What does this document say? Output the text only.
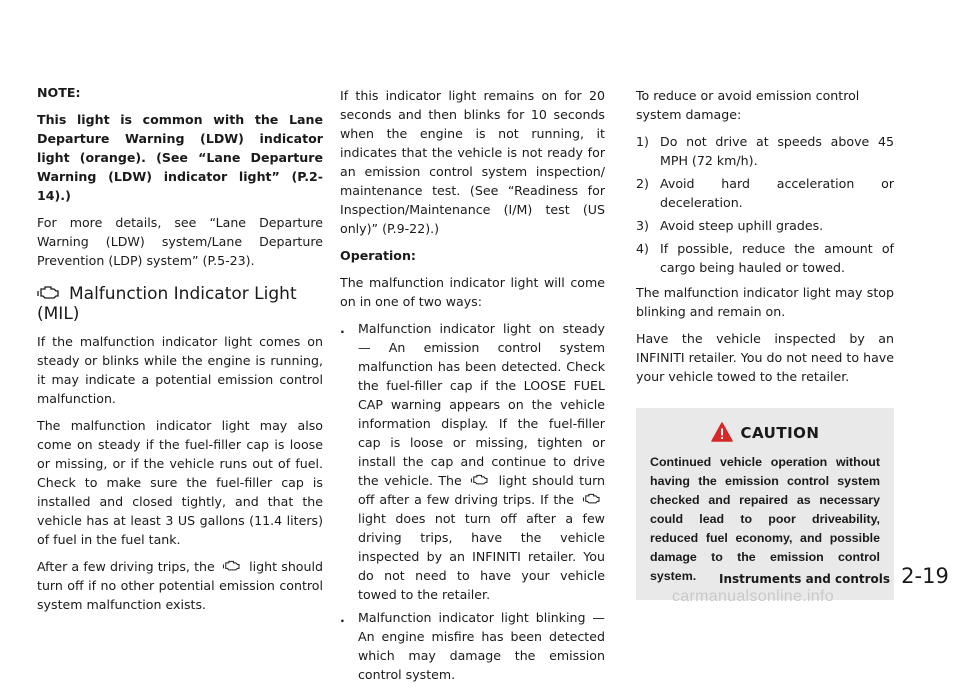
NOTE:

This light is common with the Lane Departure Warning (LDW) indicator light (orange). (See “Lane Departure Warning (LDW) indicator light” (P.2-14).)

For more details, see “Lane Departure Warning (LDW) system/Lane Departure Prevention (LDP) system” (P.5-23).

Malfunction Indicator Light (MIL)

If the malfunction indicator light comes on steady or blinks while the engine is running, it may indicate a potential emission control malfunction.

The malfunction indicator light may also come on steady if the fuel-filler cap is loose or missing, or if the vehicle runs out of fuel. Check to make sure the fuel-filler cap is installed and closed tightly, and that the vehicle has at least 3 US gallons (11.4 liters) of fuel in the fuel tank.

After a few driving trips, the	light should turn off if no other potential emission control system malfunction exists.

If this indicator light remains on for 20 seconds and then blinks for 10 seconds when the engine is not running, it indicates that the vehicle is not ready for an emission control system inspection/ maintenance test. (See “Readiness for Inspection/Maintenance (I/M) test (US only)” (P.9-22).)

Operation:

The malfunction indicator light will come on in one of two ways:

. Malfunction indicator light on steady — An emission control system malfunction has been detected. Check the fuel-filler cap if the LOOSE FUEL CAP warning appears on the vehicle information display. If the fuel-filler cap is loose or missing, tighten or install the cap and continue to drive the vehicle. The	light should turn off after a few driving trips. If the  light does not turn off after a few driving trips, have the vehicle inspected by an INFINITI retailer. You do not need to have your vehicle towed to the retailer.
. Malfunction indicator light blinking — An engine misfire has been detected which may damage the emission control system.

To reduce or avoid emission control system damage:

1) Do not drive at speeds above 45 MPH (72 km/h).
2) Avoid hard acceleration or deceleration.
3) Avoid steep uphill grades.
4) If possible, reduce the amount of cargo being hauled or towed.

The malfunction indicator light may stop blinking and remain on.

Have the vehicle inspected by an INFINITI retailer. You do not need to have your vehicle towed to the retailer.

CAUTION
Continued vehicle operation without having the emission control system checked and repaired as necessary could lead to poor driveability, reduced fuel economy, and possible damage to the emission control system.	Instruments and controls 2-19
carmanualsonline.info
